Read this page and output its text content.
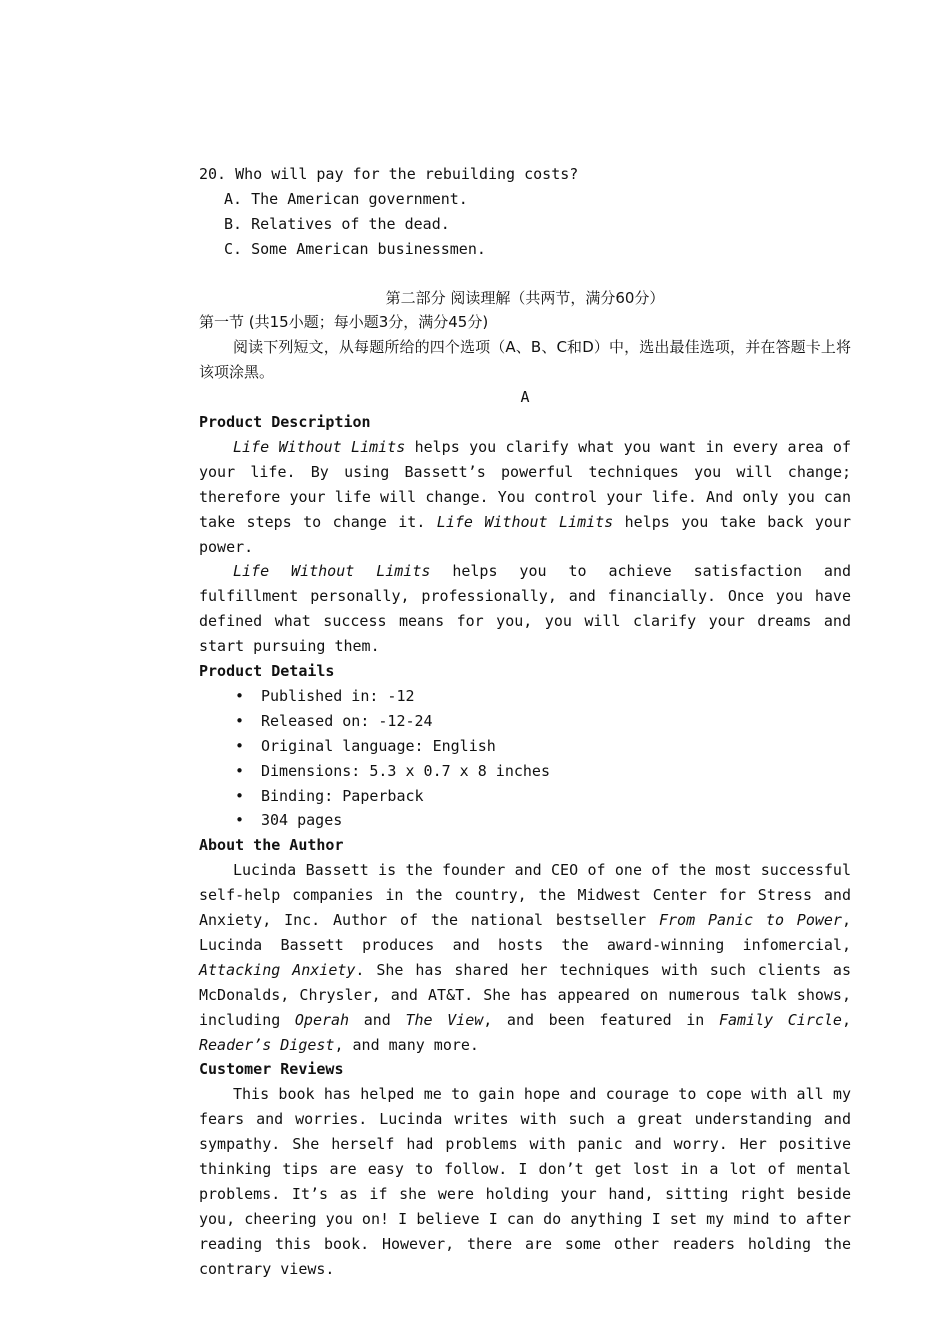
20. Who will pay for the rebuilding costs?
A. The American government.
B. Relatives of the dead.
C. Some American businessmen.
第二部分 阅读理解（共两节，满分60分）
第一节 (共15小题；每小题3分，满分45分)
阅读下列短文，从每题所给的四个选项（A、B、C和D）中，选出最佳选项，并在答题卡上将该项涂黑。
A
Product Description
Life Without Limits helps you clarify what you want in every area of your life. By using Bassett’s powerful techniques you will change; therefore your life will change. You control your life. And only you can take steps to change it. Life Without Limits helps you take back your power.
Life Without Limits helps you to achieve satisfaction and fulfillment personally, professionally, and financially. Once you have defined what success means for you, you will clarify your dreams and start pursuing them.
Product Details
• Published in: -12
• Released on: -12-24
• Original language: English
• Dimensions: 5.3 x 0.7 x 8 inches
• Binding: Paperback
• 304 pages
About the Author
Lucinda Bassett is the founder and CEO of one of the most successful self-help companies in the country, the Midwest Center for Stress and Anxiety, Inc. Author of the national bestseller From Panic to Power, Lucinda Bassett produces and hosts the award-winning infomercial, Attacking Anxiety. She has shared her techniques with such clients as McDonalds, Chrysler, and AT&T. She has appeared on numerous talk shows, including Operah and The View, and been featured in Family Circle, Reader’s Digest, and many more.
Customer Reviews
This book has helped me to gain hope and courage to cope with all my fears and worries. Lucinda writes with such a great understanding and sympathy. She herself had problems with panic and worry. Her positive thinking tips are easy to follow. I don’t get lost in a lot of mental problems. It’s as if she were holding your hand, sitting right beside you, cheering you on! I believe I can do anything I set my mind to after reading this book. However, there are some other readers holding the contrary views.
